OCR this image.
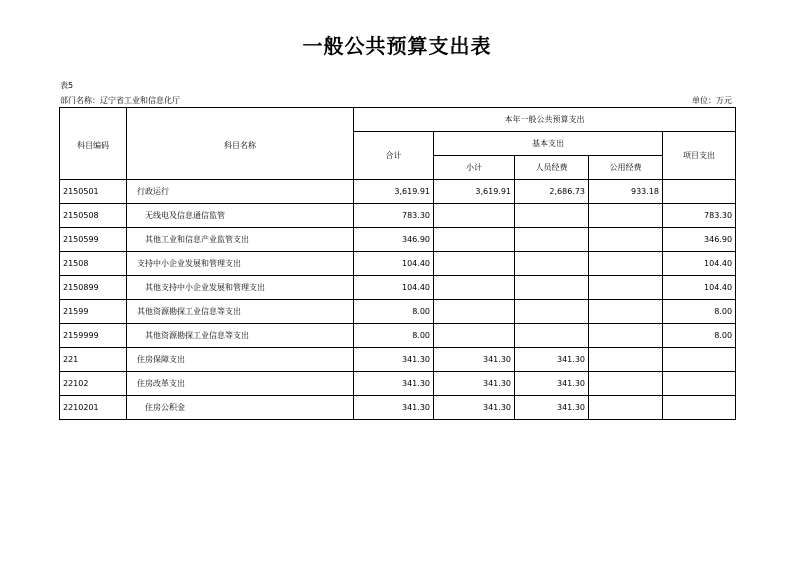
一般公共预算支出表
表5
部门名称：辽宁省工业和信息化厅	单位：万元
科目编码	科目名称	本年一般公共预算支出				
		合计	基本支出			项目支出
			小计	人员经费	公用经费	
2150501	行政运行	3,619.91	3,619.91	2,686.73	933.18	
2150508	无线电及信息通信监管	783.30				783.30
2150599	其他工业和信息产业监管支出	346.90				346.90
21508	支持中小企业发展和管理支出	104.40				104.40
2150899	其他支持中小企业发展和管理支出	104.40				104.40
21599	其他资源勘探工业信息等支出	8.00				8.00
2159999	其他资源勘探工业信息等支出	8.00				8.00
221	住房保障支出	341.30	341.30	341.30		
22102	住房改革支出	341.30	341.30	341.30		
2210201	住房公积金	341.30	341.30	341.30		
